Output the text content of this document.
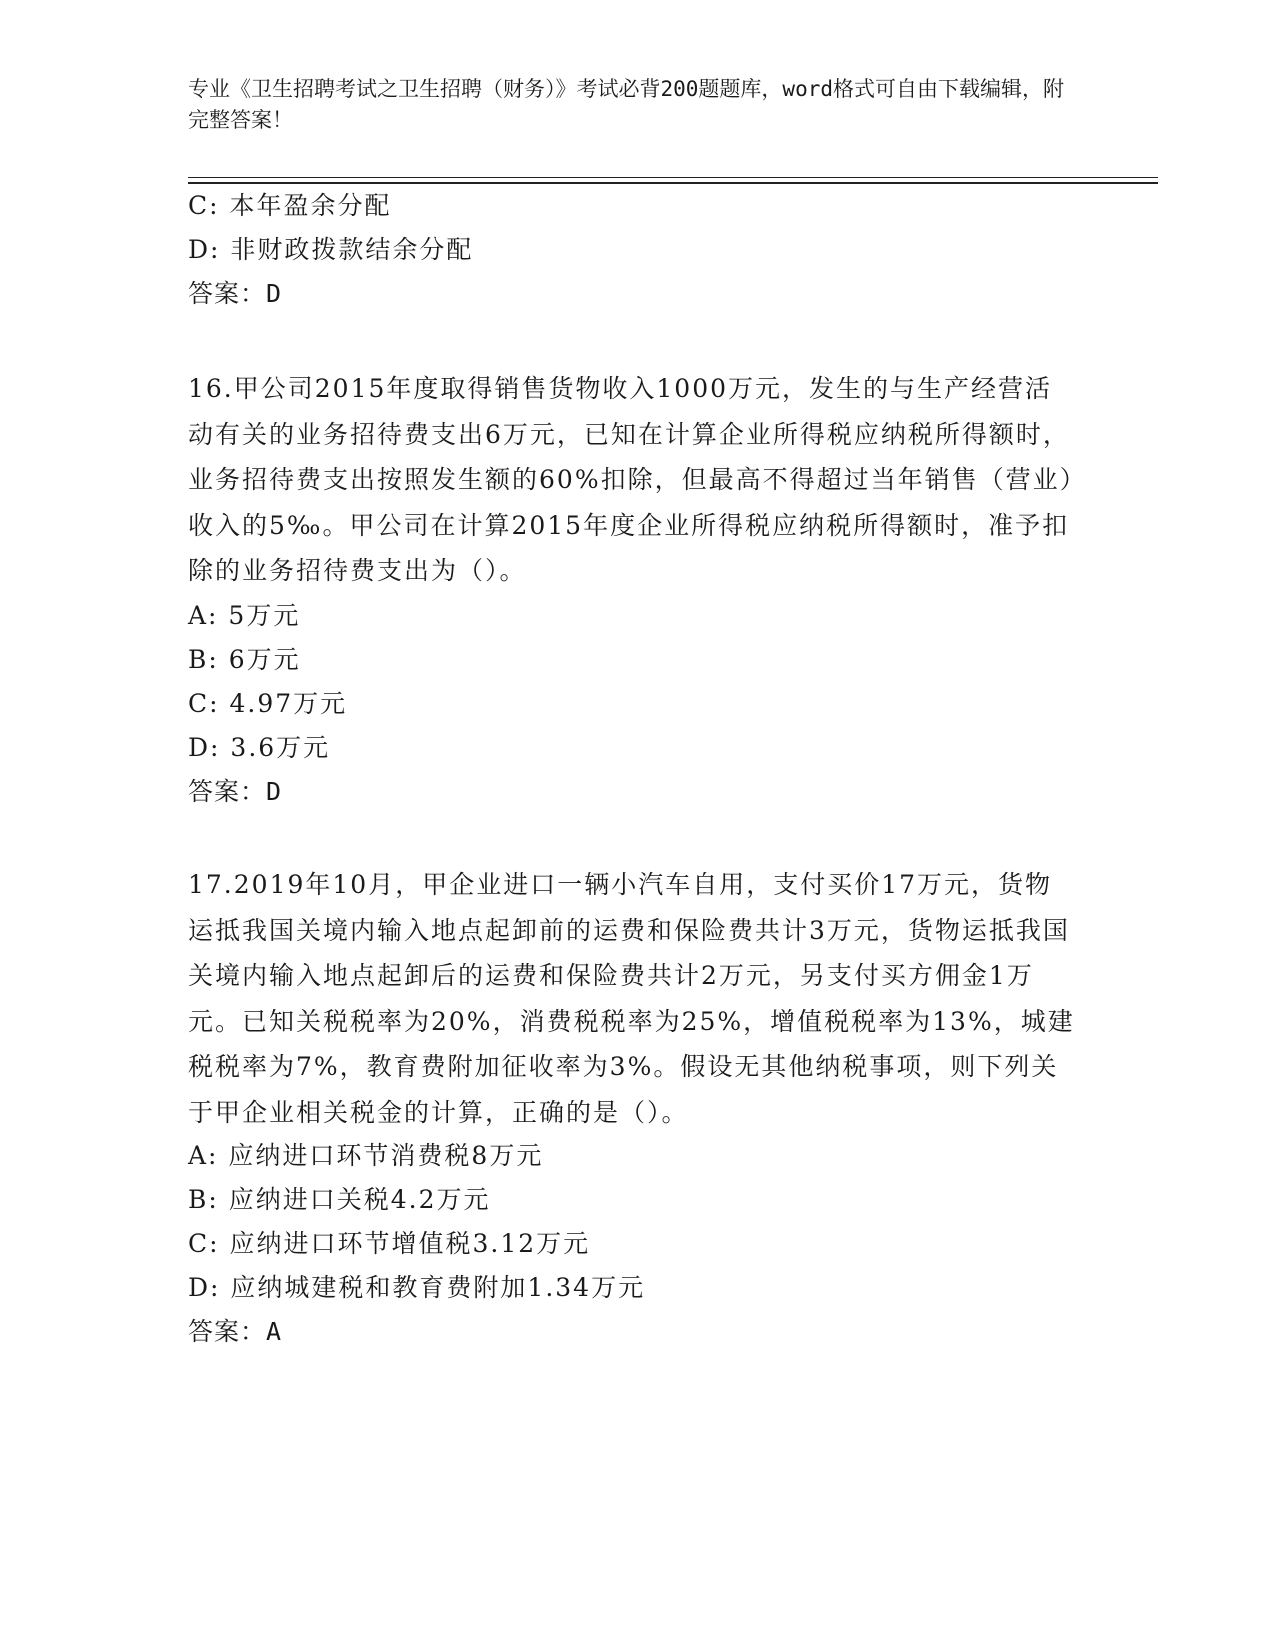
专业《卫生招聘考试之卫生招聘（财务）》考试必背200题题库，word格式可自由下载编辑，附完整答案！
C: 本年盈余分配
D: 非财政拨款结余分配
答案：D
16.甲公司2015年度取得销售货物收入1000万元，发生的与生产经营活动有关的业务招待费支出6万元，已知在计算企业所得税应纳税所得额时，业务招待费支出按照发生额的60%扣除，但最高不得超过当年销售（营业）收入的5‰。甲公司在计算2015年度企业所得税应纳税所得额时，准予扣除的业务招待费支出为（）。
A: 5万元
B: 6万元
C: 4.97万元
D: 3.6万元
答案：D
17.2019年10月，甲企业进口一辆小汽车自用，支付买价17万元，货物运抵我国关境内输入地点起卸前的运费和保险费共计3万元，货物运抵我国关境内输入地点起卸后的运费和保险费共计2万元，另支付买方佣金1万元。已知关税税率为20%，消费税税率为25%，增值税税率为13%，城建税税率为7%，教育费附加征收率为3%。假设无其他纳税事项，则下列关于甲企业相关税金的计算，正确的是（）。
A: 应纳进口环节消费税8万元
B: 应纳进口关税4.2万元
C: 应纳进口环节增值税3.12万元
D: 应纳城建税和教育费附加1.34万元
答案：A
